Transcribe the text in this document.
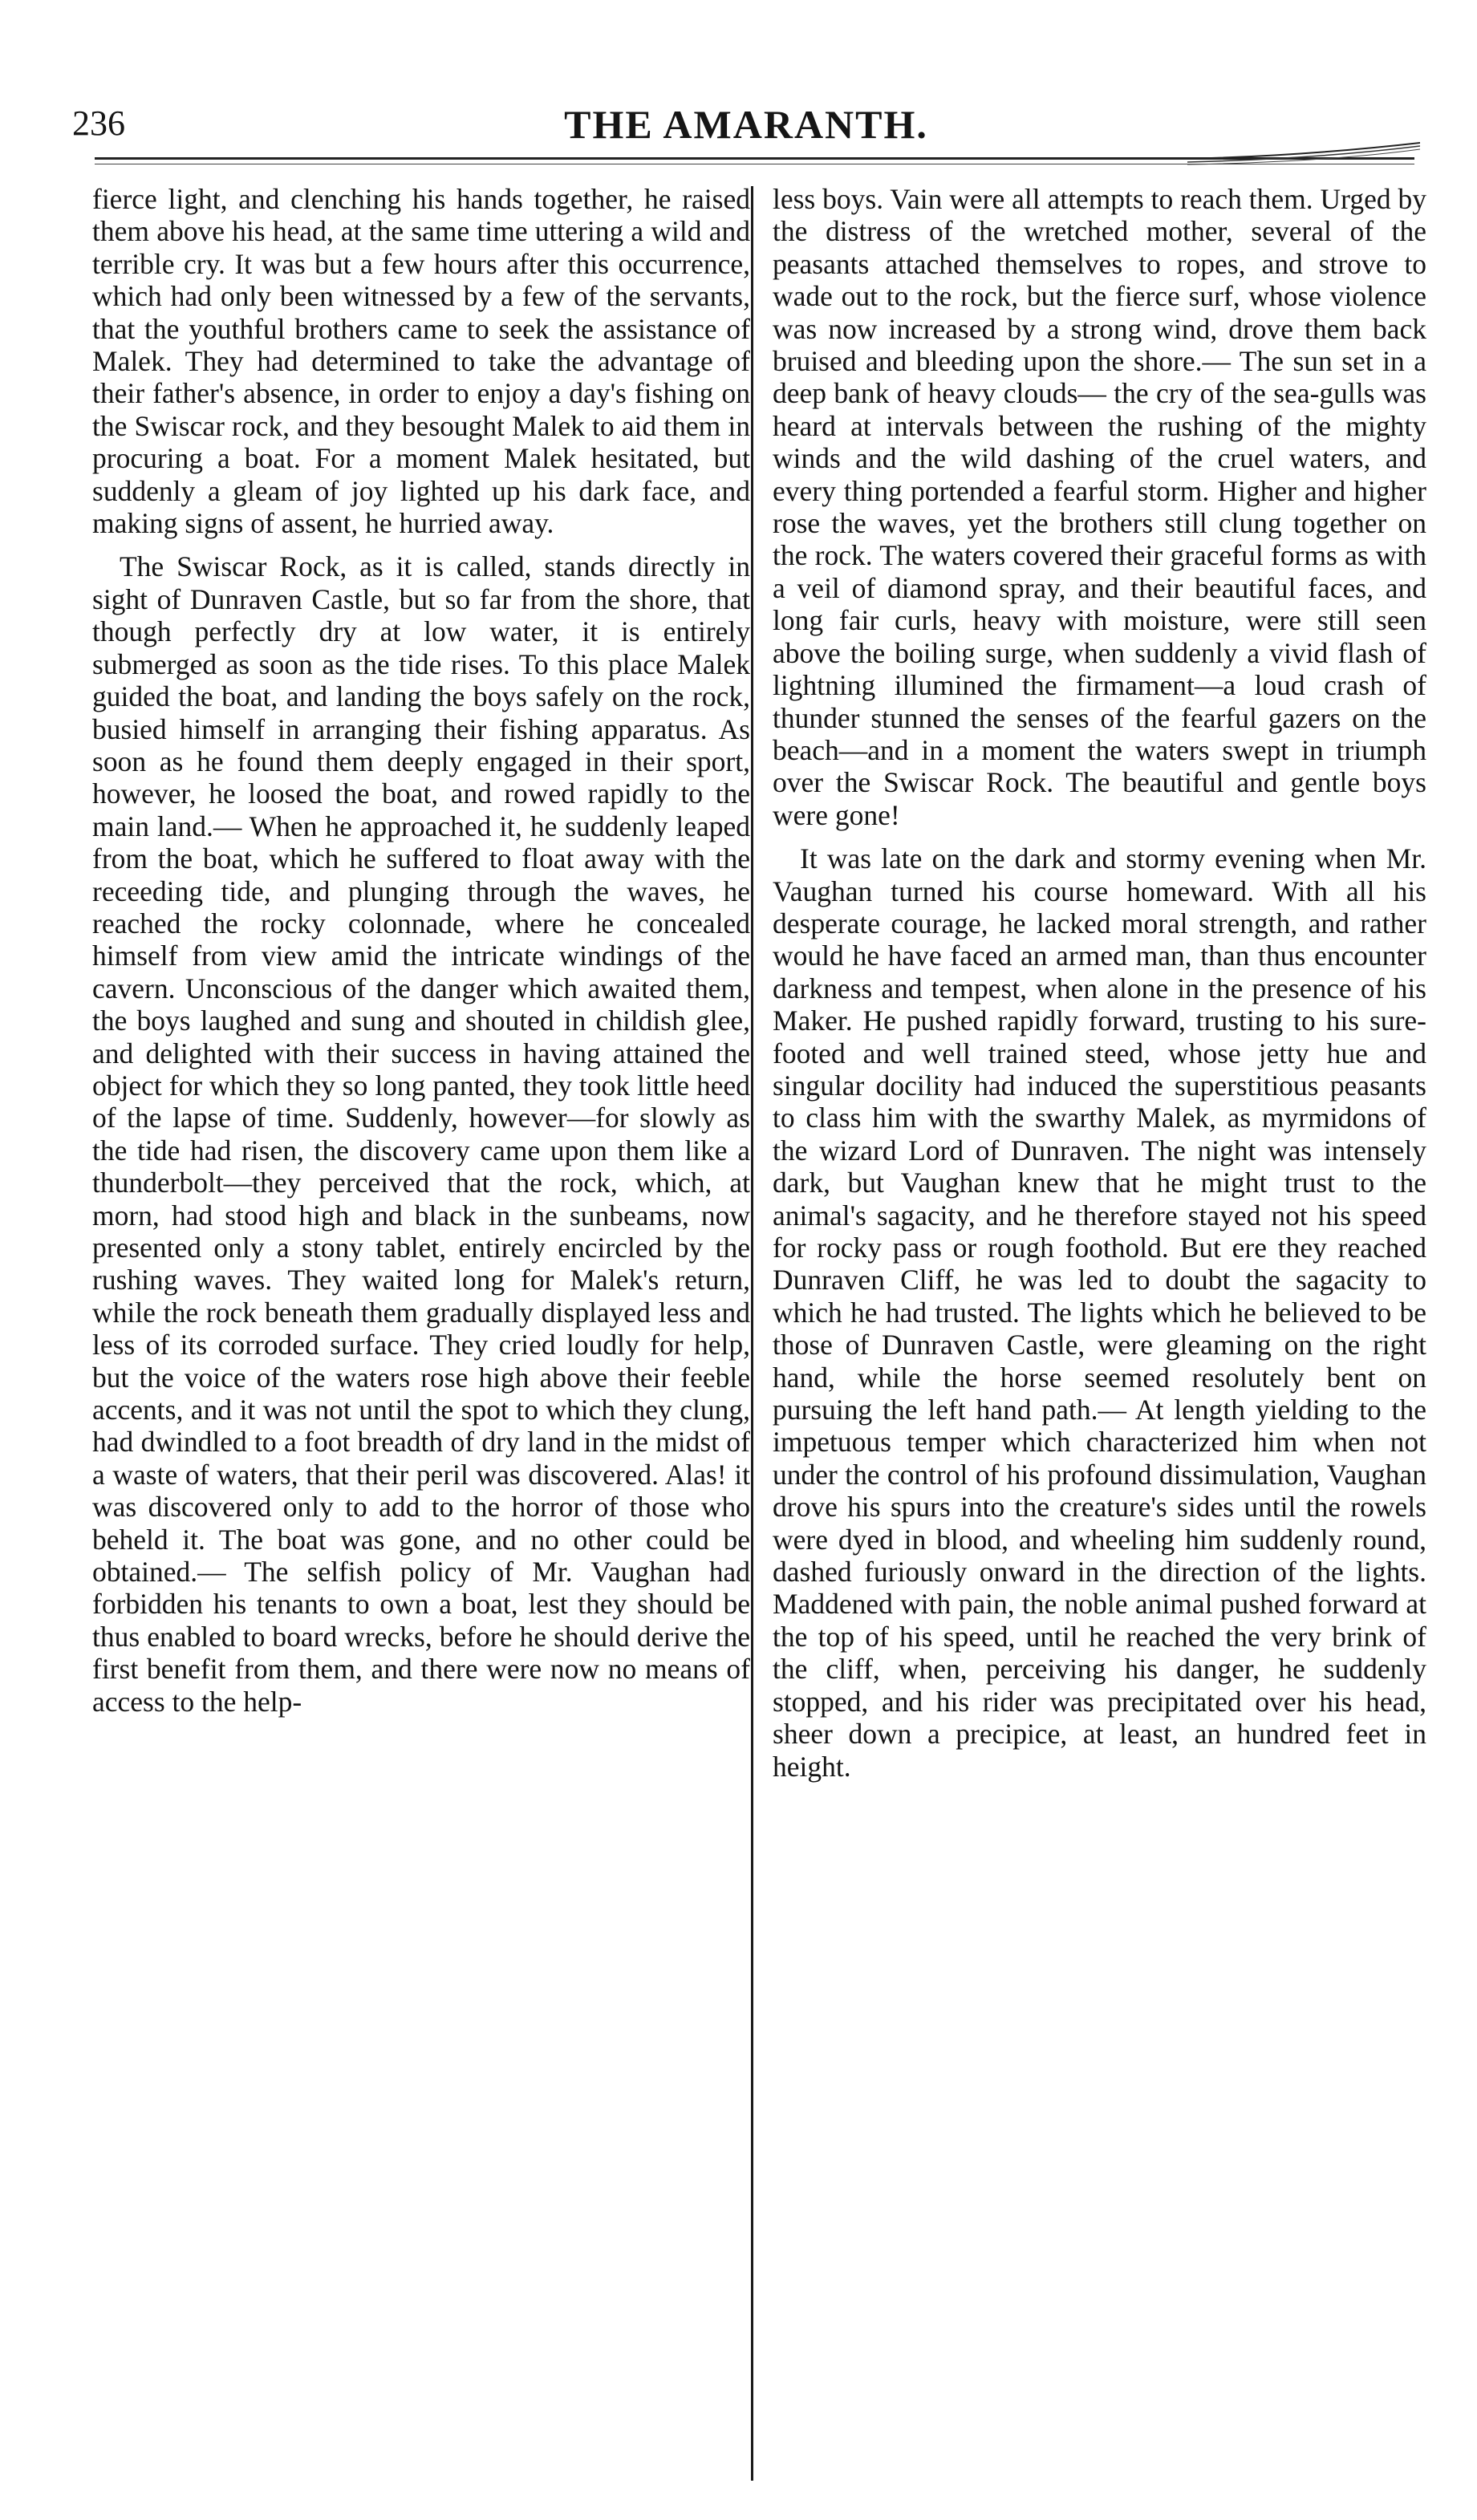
236	THE AMARANTH.

fierce light, and clenching his hands together, he raised them above his head, at the same time uttering a wild and terrible cry. It was but a few hours after this occurrence, which had only been witnessed by a few of the servants, that the youthful brothers came to seek the assistance of Malek. They had determined to take the advantage of their father's absence, in order to enjoy a day's fishing on the Swiscar rock, and they besought Malek to aid them in procuring a boat. For a moment Malek hesitated, but suddenly a gleam of joy lighted up his dark face, and making signs of assent, he hurried away.

The Swiscar Rock, as it is called, stands directly in sight of Dunraven Castle, but so far from the shore, that though perfectly dry at low water, it is entirely submerged as soon as the tide rises. To this place Malek guided the boat, and landing the boys safely on the rock, busied himself in arranging their fishing apparatus. As soon as he found them deeply engaged in their sport, however, he loosed the boat, and rowed rapidly to the main land.— When he approached it, he suddenly leaped from the boat, which he suffered to float away with the receeding tide, and plunging through the waves, he reached the rocky colonnade, where he concealed himself from view amid the intricate windings of the cavern. Unconscious of the danger which awaited them, the boys laughed and sung and shouted in childish glee, and delighted with their success in having attained the object for which they so long panted, they took little heed of the lapse of time. Suddenly, however—for slowly as the tide had risen, the discovery came upon them like a thunderbolt—they perceived that the rock, which, at morn, had stood high and black in the sunbeams, now presented only a stony tablet, entirely encircled by the rushing waves. They waited long for Malek's return, while the rock beneath them gradually displayed less and less of its corroded surface. They cried loudly for help, but the voice of the waters rose high above their feeble accents, and it was not until the spot to which they clung, had dwindled to a foot breadth of dry land in the midst of a waste of waters, that their peril was discovered. Alas! it was discovered only to add to the horror of those who beheld it. The boat was gone, and no other could be obtained.— The selfish policy of Mr. Vaughan had forbidden his tenants to own a boat, lest they should be thus enabled to board wrecks, before he should derive the first benefit from them, and there were now no means of access to the help-

less boys. Vain were all attempts to reach them. Urged by the distress of the wretched mother, several of the peasants attached themselves to ropes, and strove to wade out to the rock, but the fierce surf, whose violence was now increased by a strong wind, drove them back bruised and bleeding upon the shore.— The sun set in a deep bank of heavy clouds— the cry of the sea-gulls was heard at intervals between the rushing of the mighty winds and the wild dashing of the cruel waters, and every thing portended a fearful storm. Higher and higher rose the waves, yet the brothers still clung together on the rock. The waters covered their graceful forms as with a veil of diamond spray, and their beautiful faces, and long fair curls, heavy with moisture, were still seen above the boiling surge, when suddenly a vivid flash of lightning illumined the firmament—a loud crash of thunder stunned the senses of the fearful gazers on the beach—and in a moment the waters swept in triumph over the Swiscar Rock. The beautiful and gentle boys were gone!

It was late on the dark and stormy evening when Mr. Vaughan turned his course homeward. With all his desperate courage, he lacked moral strength, and rather would he have faced an armed man, than thus encounter darkness and tempest, when alone in the presence of his Maker. He pushed rapidly forward, trusting to his sure-footed and well trained steed, whose jetty hue and singular docility had induced the superstitious peasants to class him with the swarthy Malek, as myrmidons of the wizard Lord of Dunraven. The night was intensely dark, but Vaughan knew that he might trust to the animal's sagacity, and he therefore stayed not his speed for rocky pass or rough foothold. But ere they reached Dunraven Cliff, he was led to doubt the sagacity to which he had trusted. The lights which he believed to be those of Dunraven Castle, were gleaming on the right hand, while the horse seemed resolutely bent on pursuing the left hand path.— At length yielding to the impetuous temper which characterized him when not under the control of his profound dissimulation, Vaughan drove his spurs into the creature's sides until the rowels were dyed in blood, and wheeling him suddenly round, dashed furiously onward in the direction of the lights. Maddened with pain, the noble animal pushed forward at the top of his speed, until he reached the very brink of the cliff, when, perceiving his danger, he suddenly stopped, and his rider was precipitated over his head, sheer down a precipice, at least, an hundred feet in height.
